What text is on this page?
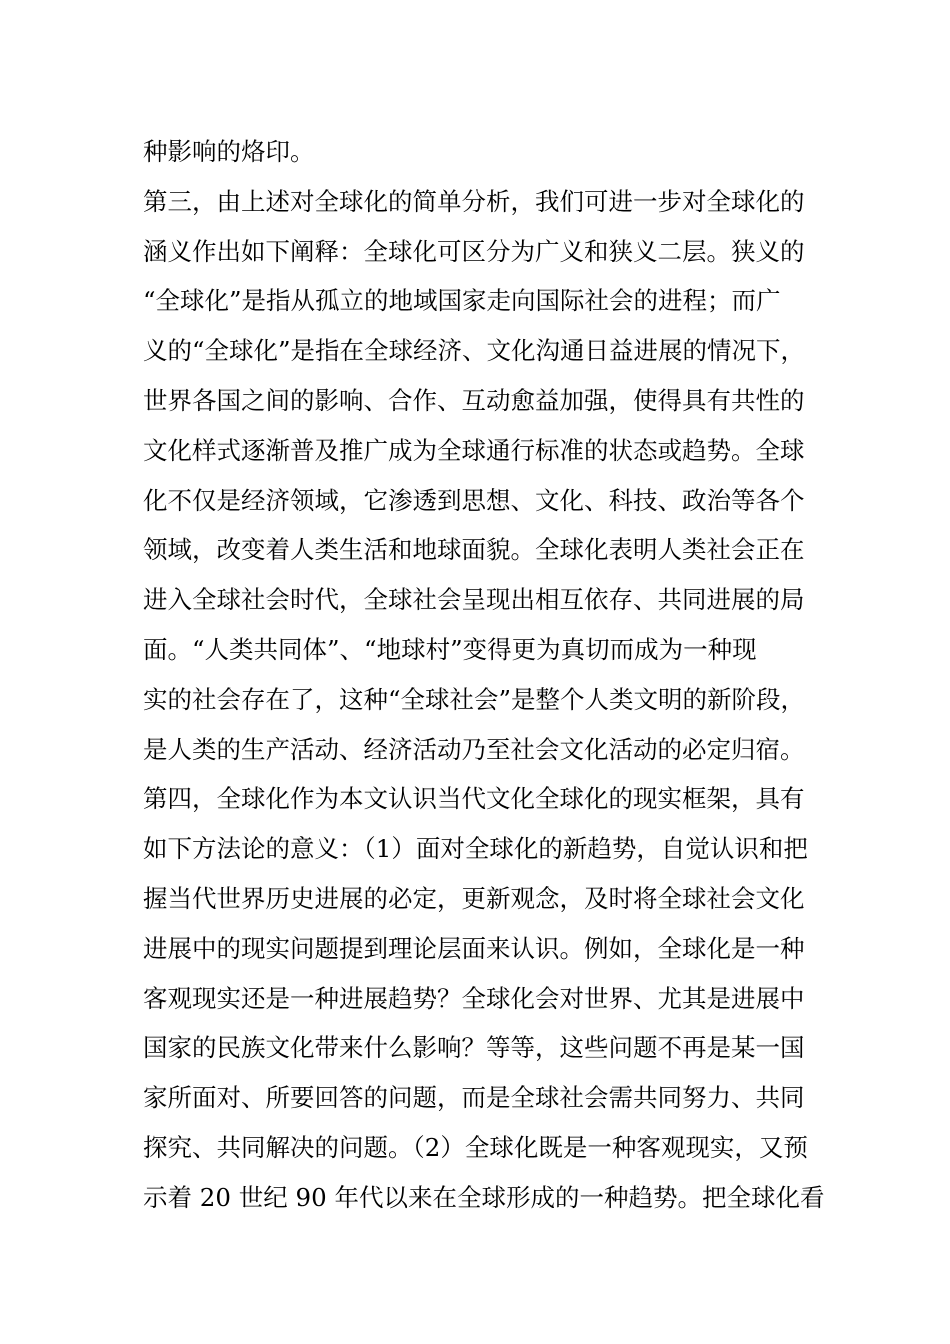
种影响的烙印。
第三，由上述对全球化的简单分析，我们可进一步对全球化的
涵义作出如下阐释：全球化可区分为广义和狭义二层。狭义的
“全球化”是指从孤立的地域国家走向国际社会的进程；而广
义的“全球化”是指在全球经济、文化沟通日益进展的情况下，
世界各国之间的影响、合作、互动愈益加强，使得具有共性的
文化样式逐渐普及推广成为全球通行标准的状态或趋势。全球
化不仅是经济领域，它渗透到思想、文化、科技、政治等各个
领域，改变着人类生活和地球面貌。全球化表明人类社会正在
进入全球社会时代，全球社会呈现出相互依存、共同进展的局
面。“人类共同体”、“地球村”变得更为真切而成为一种现
实的社会存在了，这种“全球社会”是整个人类文明的新阶段，
是人类的生产活动、经济活动乃至社会文化活动的必定归宿。
第四，全球化作为本文认识当代文化全球化的现实框架，具有
如下方法论的意义：（1）面对全球化的新趋势，自觉认识和把
握当代世界历史进展的必定，更新观念，及时将全球社会文化
进展中的现实问题提到理论层面来认识。例如，全球化是一种
客观现实还是一种进展趋势？全球化会对世界、尤其是进展中
国家的民族文化带来什么影响？等等，这些问题不再是某一国
家所面对、所要回答的问题，而是全球社会需共同努力、共同
探究、共同解决的问题。（2）全球化既是一种客观现实，又预
示着 20 世纪 90 年代以来在全球形成的一种趋势。把全球化看
